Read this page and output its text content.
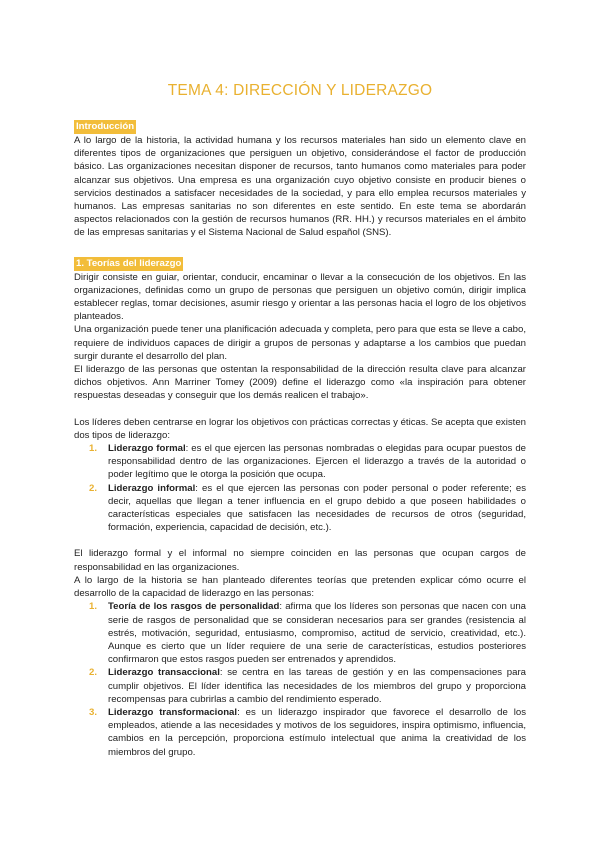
TEMA 4: DIRECCIÓN Y LIDERAZGO
Introducción

A lo largo de la historia, la actividad humana y los recursos materiales han sido un elemento clave en diferentes tipos de organizaciones que persiguen un objetivo, considerándose el factor de producción básico. Las organizaciones necesitan disponer de recursos, tanto humanos como materiales para poder alcanzar sus objetivos. Una empresa es una organización cuyo objetivo consiste en producir bienes o servicios destinados a satisfacer necesidades de la sociedad, y para ello emplea recursos materiales y humanos. Las empresas sanitarias no son diferentes en este sentido. En este tema se abordarán aspectos relacionados con la gestión de recursos humanos (RR. HH.) y recursos materiales en el ámbito de las empresas sanitarias y el Sistema Nacional de Salud español (SNS).

1. Teorías del liderazgo

Dirigir consiste en guiar, orientar, conducir, encaminar o llevar a la consecución de los objetivos. En las organizaciones, definidas como un grupo de personas que persiguen un objetivo común, dirigir implica establecer reglas, tomar decisiones, asumir riesgo y orientar a las personas hacia el logro de los objetivos planteados.

Una organización puede tener una planificación adecuada y completa, pero para que esta se lleve a cabo, requiere de individuos capaces de dirigir a grupos de personas y adaptarse a los cambios que puedan surgir durante el desarrollo del plan.

El liderazgo de las personas que ostentan la responsabilidad de la dirección resulta clave para alcanzar dichos objetivos. Ann Marriner Tomey (2009) define el liderazgo como «la inspiración para obtener respuestas deseadas y conseguir que los demás realicen el trabajo».

Los líderes deben centrarse en lograr los objetivos con prácticas correctas y éticas. Se acepta que existen dos tipos de liderazgo:

1. Liderazgo formal: es el que ejercen las personas nombradas o elegidas para ocupar puestos de responsabilidad dentro de las organizaciones. Ejercen el liderazgo a través de la autoridad o poder legítimo que le otorga la posición que ocupa.
2. Liderazgo informal: es el que ejercen las personas con poder personal o poder referente; es decir, aquellas que llegan a tener influencia en el grupo debido a que poseen habilidades o características especiales que satisfacen las necesidades de recursos de otros (seguridad, formación, experiencia, capacidad de decisión, etc.).

El liderazgo formal y el informal no siempre coinciden en las personas que ocupan cargos de responsabilidad en las organizaciones.

A lo largo de la historia se han planteado diferentes teorías que pretenden explicar cómo ocurre el desarrollo de la capacidad de liderazgo en las personas:

1. Teoría de los rasgos de personalidad: afirma que los líderes son personas que nacen con una serie de rasgos de personalidad que se consideran necesarios para ser grandes (resistencia al estrés, motivación, seguridad, entusiasmo, compromiso, actitud de servicio, creatividad, etc.). Aunque es cierto que un líder requiere de una serie de características, estudios posteriores confirmaron que estos rasgos pueden ser entrenados y aprendidos.
2. Liderazgo transaccional: se centra en las tareas de gestión y en las compensaciones para cumplir objetivos. El líder identifica las necesidades de los miembros del grupo y proporciona recompensas para cubrirlas a cambio del rendimiento esperado.
3. Liderazgo transformacional: es un liderazgo inspirador que favorece el desarrollo de los empleados, atiende a las necesidades y motivos de los seguidores, inspira optimismo, influencia, cambios en la percepción, proporciona estímulo intelectual que anima la creatividad de los miembros del grupo.
